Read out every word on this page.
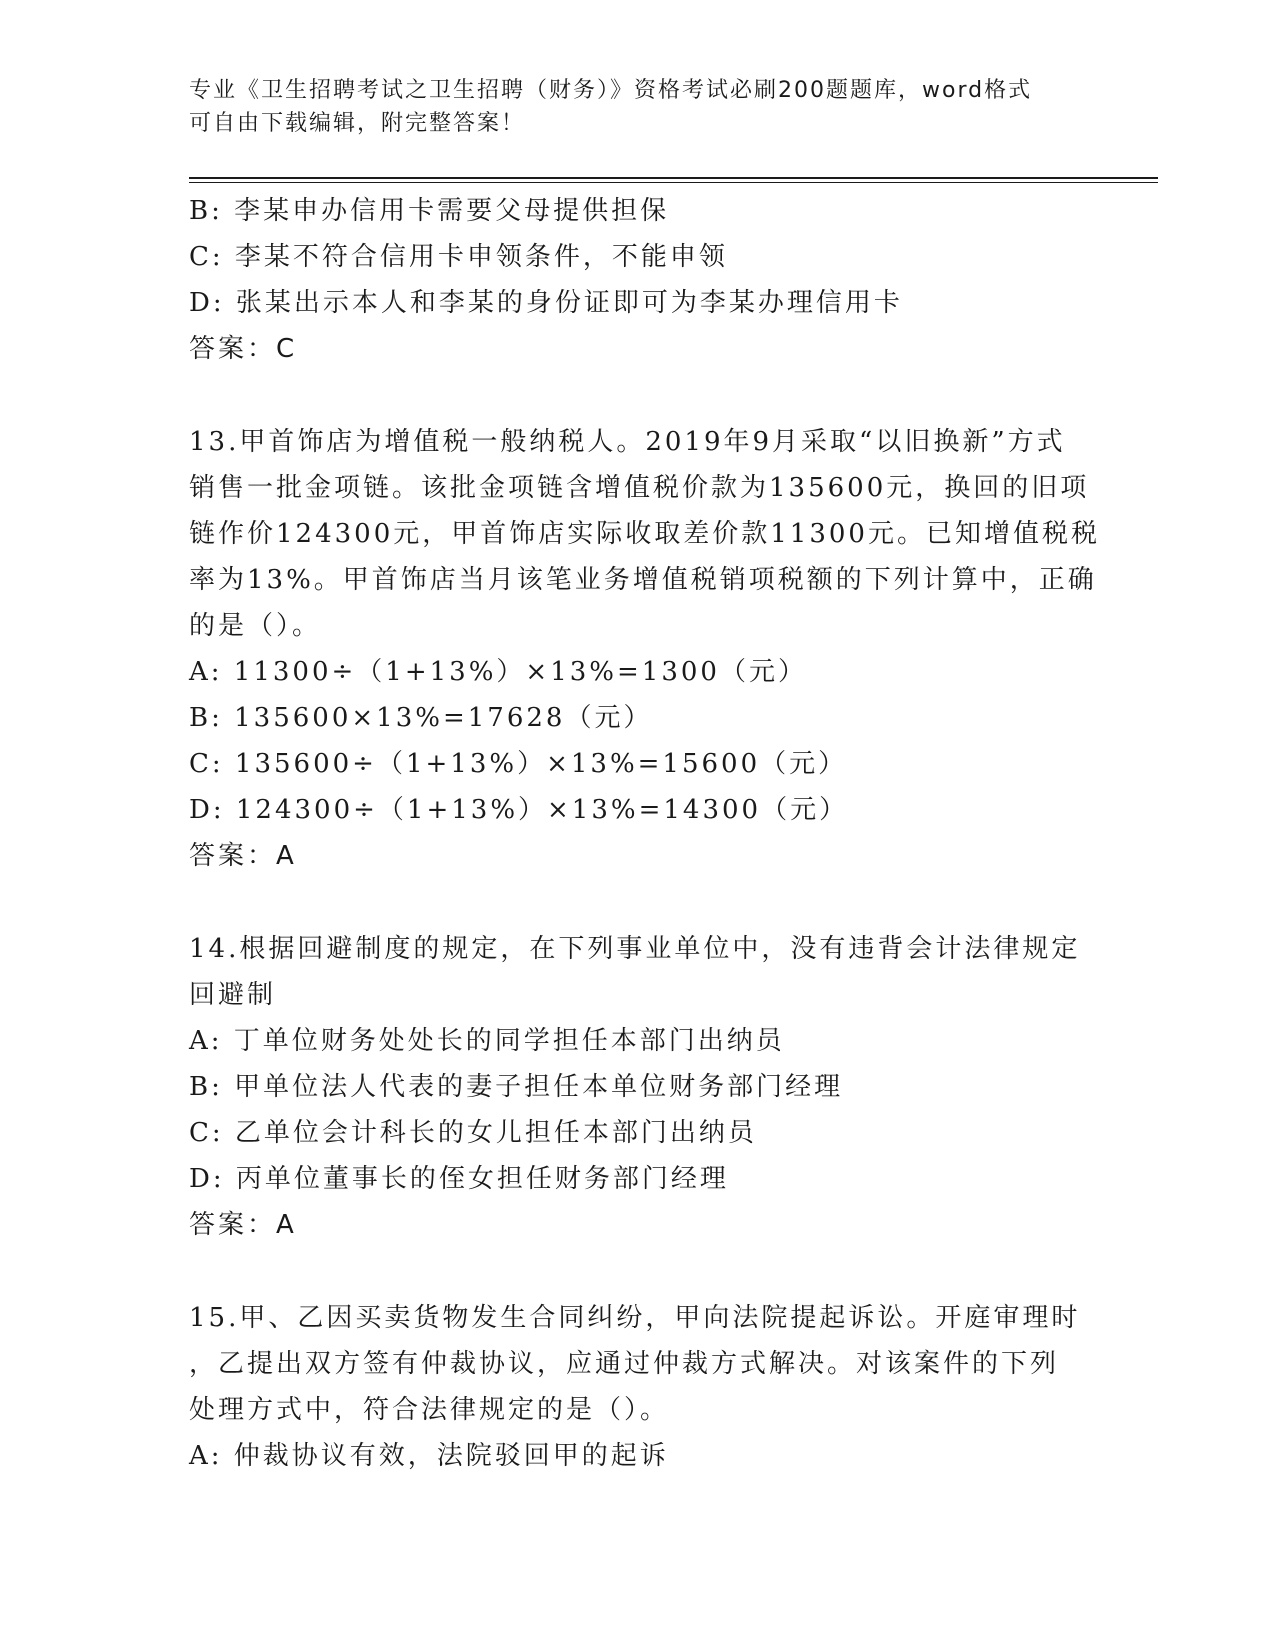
专业《卫生招聘考试之卫生招聘（财务）》资格考试必刷200题题库，word格式
可自由下载编辑，附完整答案！
B: 李某申办信用卡需要父母提供担保
C: 李某不符合信用卡申领条件，不能申领
D: 张某出示本人和李某的身份证即可为李某办理信用卡
答案：C
13.甲首饰店为增值税一般纳税人。2019年9月采取“以旧换新”方式
销售一批金项链。该批金项链含增值税价款为135600元，换回的旧项
链作价124300元，甲首饰店实际收取差价款11300元。已知增值税税
率为13%。甲首饰店当月该笔业务增值税销项税额的下列计算中，正确
的是（）。
A: 11300÷（1+13%）×13%=1300（元）
B: 135600×13%=17628（元）
C: 135600÷（1+13%）×13%=15600（元）
D: 124300÷（1+13%）×13%=14300（元）
答案：A
14.根据回避制度的规定，在下列事业单位中，没有违背会计法律规定
回避制
A: 丁单位财务处处长的同学担任本部门出纳员
B: 甲单位法人代表的妻子担任本单位财务部门经理
C: 乙单位会计科长的女儿担任本部门出纳员
D: 丙单位董事长的侄女担任财务部门经理
答案：A
15.甲、乙因买卖货物发生合同纠纷，甲向法院提起诉讼。开庭审理时
，乙提出双方签有仲裁协议，应通过仲裁方式解决。对该案件的下列
处理方式中，符合法律规定的是（）。
A: 仲裁协议有效，法院驳回甲的起诉
